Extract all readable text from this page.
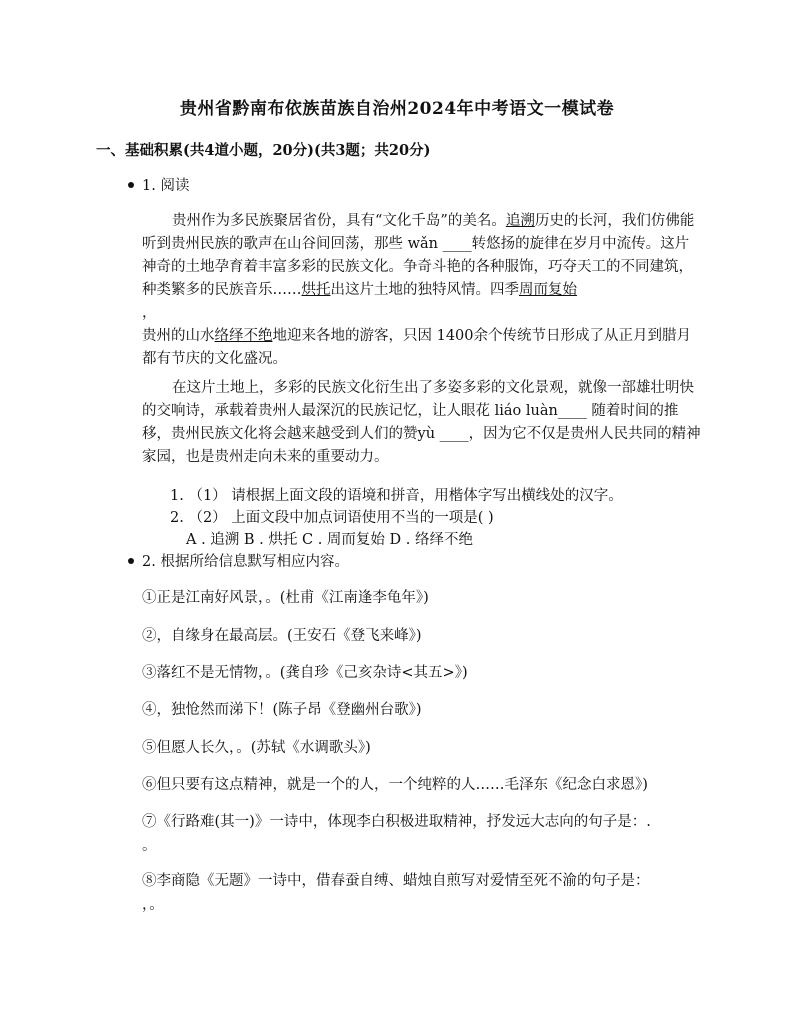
贵州省黔南布依族苗族自治州2024年中考语文一模试卷
一、基础积累(共4道小题，20分)(共3题；共20分)
1. 阅读
贵州作为多民族聚居省份，具有“文化千岛”的美名。追溯历史的长河，我们仿佛能听到贵州民族的歌声在山谷间回荡，那些 wǎn ____转悠扬的旋律在岁月中流传。这片神奇的土地孕育着丰富多彩的民族文化。争奇斗艳的各种服饰，巧夺天工的不同建筑，种类繁多的民族音乐……烘托出这片土地的独特风情。四季周而复始
，
贵州的山水络绎不绝地迎来各地的游客，只因 1400余个传统节日形成了从正月到腊月都有节庆的文化盛况。
在这片土地上，多彩的民族文化衍生出了多姿多彩的文化景观，就像一部雄壮明快的交响诗，承载着贵州人最深沉的民族记忆，让人眼花 liáo luàn____ 随着时间的推移，贵州民族文化将会越来越受到人们的赞yù ____，因为它不仅是贵州人民共同的精神家园，也是贵州走向未来的重要动力。
1. （1） 请根据上面文段的语境和拼音，用楷体字写出横线处的汉字。
2. （2） 上面文段中加点词语使用不当的一项是( )
A . 追溯 B . 烘托 C . 周而复始 D . 络绎不绝
2. 根据所给信息默写相应内容。
①正是江南好风景，。(杜甫《江南逢李龟年》)
②，自缘身在最高层。(王安石《登飞来峰》)
③落红不是无情物，。(龚自珍《己亥杂诗<其五>》)
④，独怆然而涕下！(陈子昂《登幽州台歌》)
⑤但愿人长久，。(苏轼《水调歌头》)
⑥但只要有这点精神，就是一个的人，一个纯粹的人……毛泽东《纪念白求恩》)
⑦《行路难(其一)》一诗中，体现李白积极进取精神，抒发远大志向的句子是：.
。
⑧李商隐《无题》一诗中，借春蚕自缚、蜡烛自煎写对爱情至死不渝的句子是：
，。
